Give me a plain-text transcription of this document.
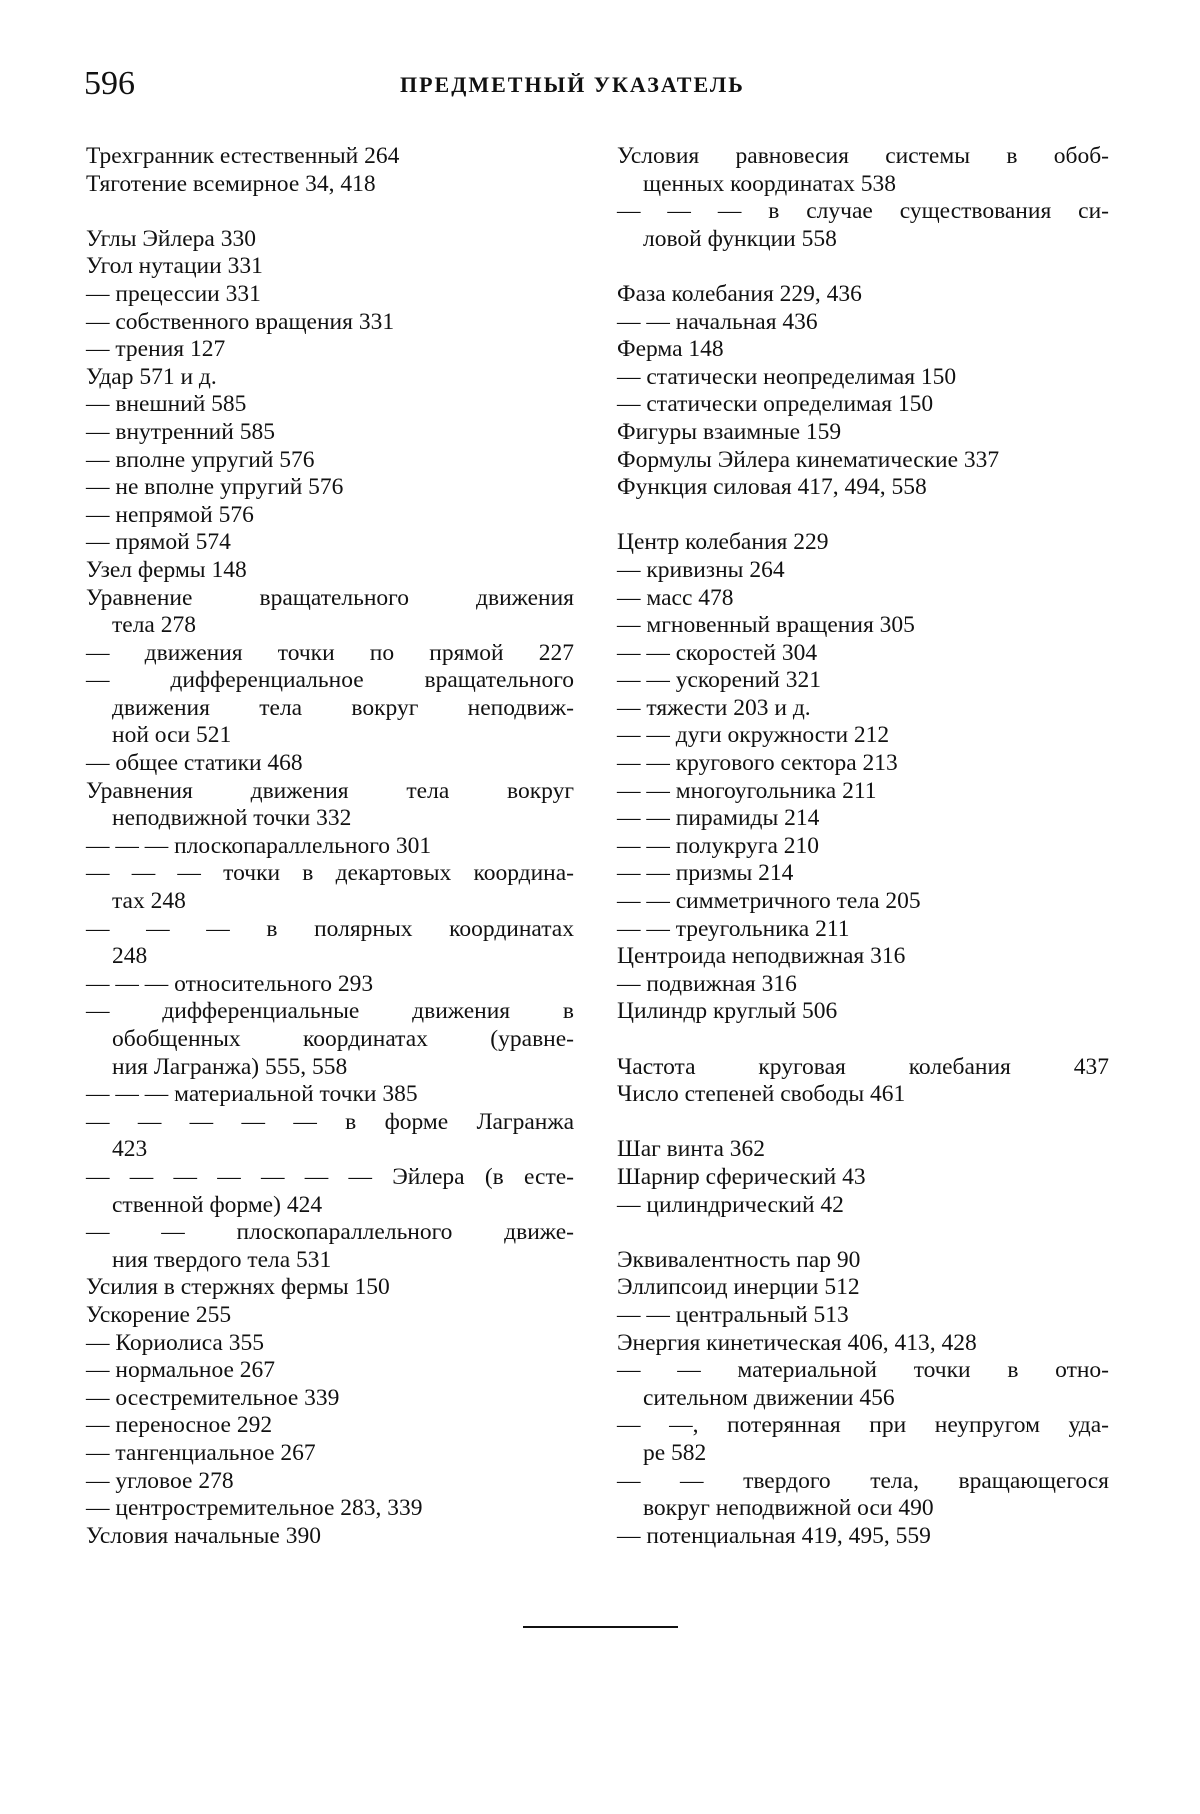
596	ПРЕДМЕТНЫЙ УКАЗАТЕЛЬ
Трехгранник естественный 264
Тяготение всемирное 34, 418
Углы Эйлера 330
Угол нутации 331
— прецессии 331
— собственного вращения 331
— трения 127
Удар 571 и д.
— внешний 585
— внутренний 585
— вполне упругий 576
— не вполне упругий 576
— непрямой 576
— прямой 574
Узел фермы 148
Уравнение вращательного движения
тела 278
— движения точки по прямой 227
— дифференциальное вращательного
движения тела вокруг неподвиж-
ной оси 521
— общее статики 468
Уравнения движения тела вокруг
неподвижной точки 332
— — — плоскопараллельного 301
— — — точки в декартовых координа-
тах 248
— — — в полярных координатах
248
— — — относительного 293
— дифференциальные движения в
обобщенных координатах (уравне-
ния Лагранжа) 555, 558
— — — материальной точки 385
— — — — — в форме Лагранжа
423
— — — — — — — Эйлера (в есте-
ственной форме) 424
— — плоскопараллельного движе-
ния твердого тела 531
Усилия в стержнях фермы 150
Ускорение 255
— Кориолиса 355
— нормальное 267
— осестремительное 339
— переносное 292
— тангенциальное 267
— угловое 278
— центростремительное 283, 339
Условия начальные 390
Условия равновесия системы в обоб-
щенных координатах 538
— — — в случае существования си-
ловой функции 558
Фаза колебания 229, 436
— — начальная 436
Ферма 148
— статически неопределимая 150
— статически определимая 150
Фигуры взаимные 159
Формулы Эйлера кинематические 337
Функция силовая 417, 494, 558
Центр колебания 229
— кривизны 264
— масс 478
— мгновенный вращения 305
— — скоростей 304
— — ускорений 321
— тяжести 203 и д.
— — дуги окружности 212
— — кругового сектора 213
— — многоугольника 211
— — пирамиды 214
— — полукруга 210
— — призмы 214
— — симметричного тела 205
— — треугольника 211
Центроида неподвижная 316
— подвижная 316
Цилиндр круглый 506
Частота круговая колебания 437
Число степеней свободы 461
Шаг винта 362
Шарнир сферический 43
— цилиндрический 42
Эквивалентность пар 90
Эллипсоид инерции 512
— — центральный 513
Энергия кинетическая 406, 413, 428
— — материальной точки в отно-
сительном движении 456
— —, потерянная при неупругом уда-
ре 582
— — твердого тела, вращающегося
вокруг неподвижной оси 490
— потенциальная 419, 495, 559
